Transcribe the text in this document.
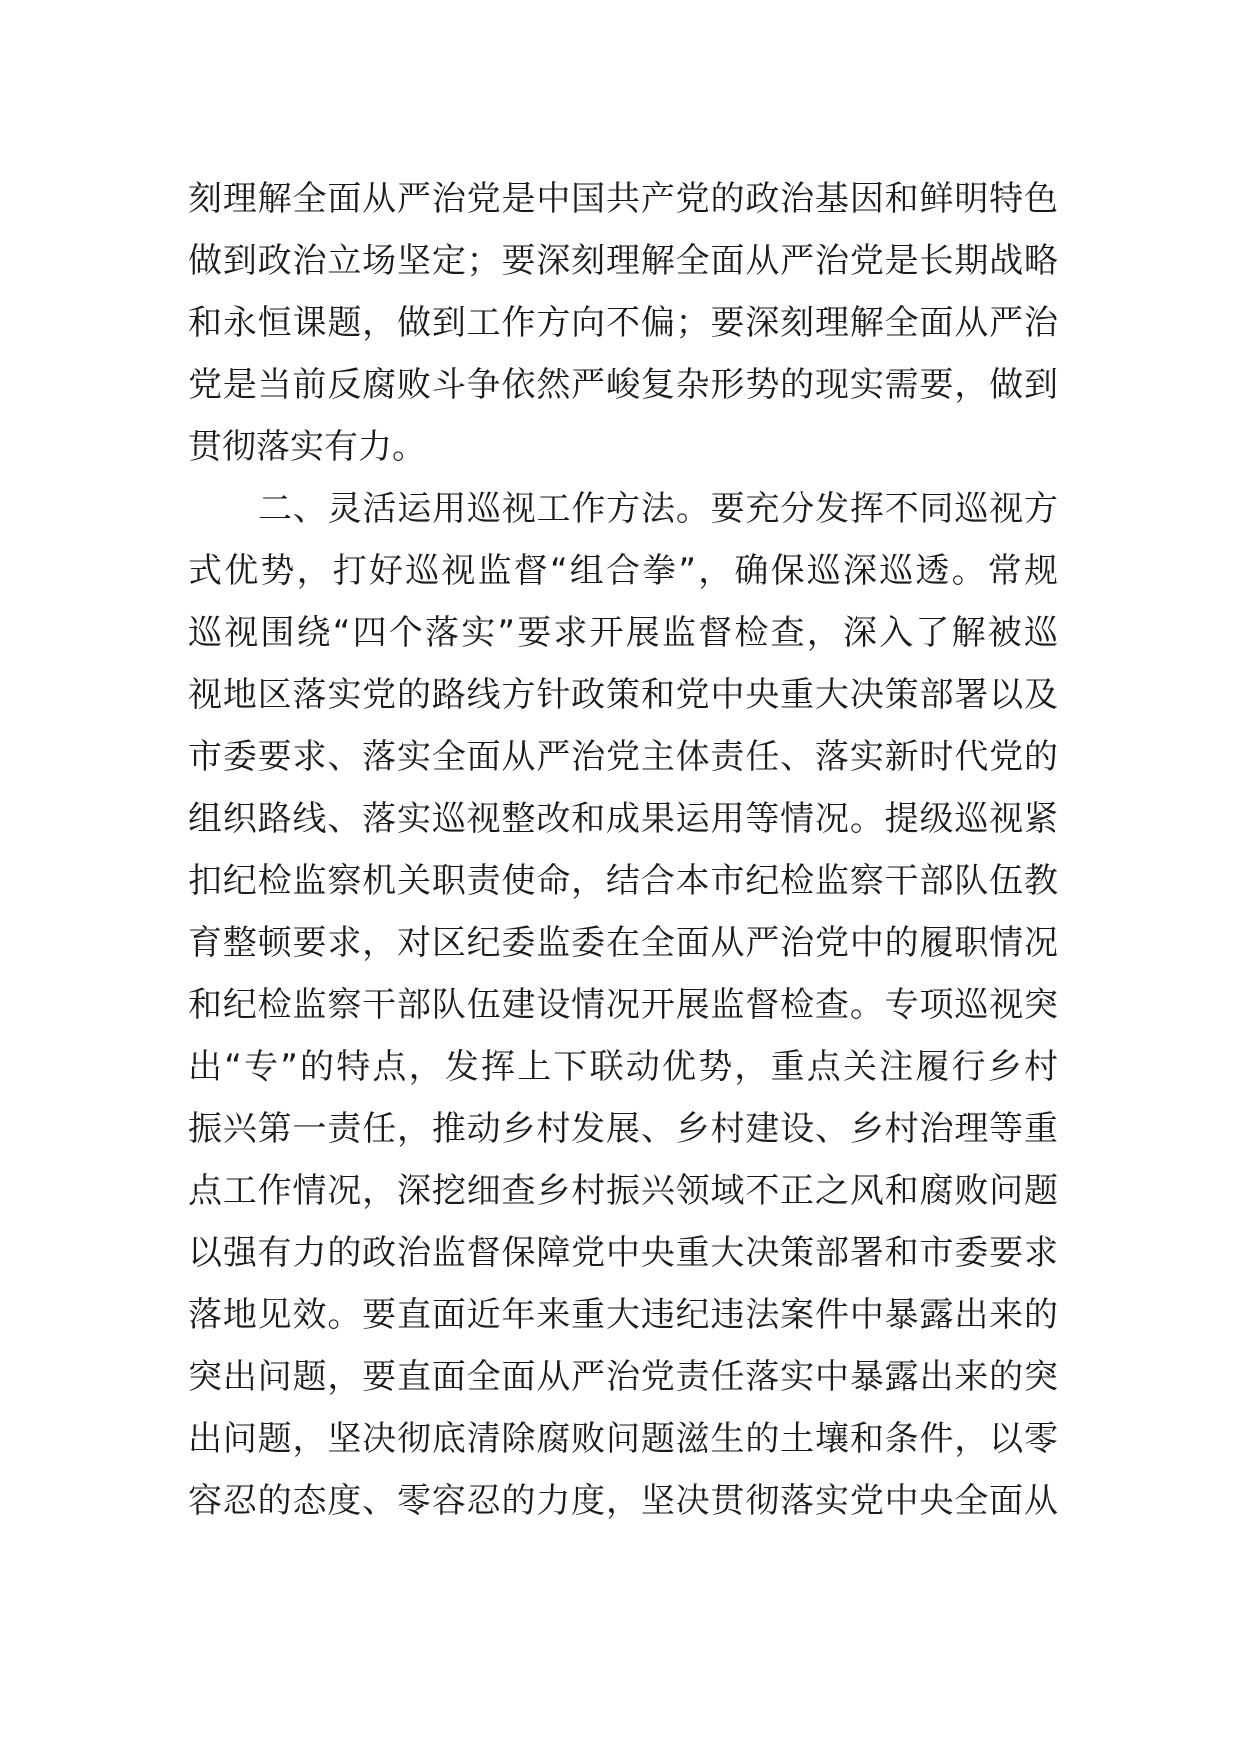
刻理解全面从严治党是中国共产党的政治基因和鲜明特色
做到政治立场坚定；要深刻理解全面从严治党是长期战略
和永恒课题，做到工作方向不偏；要深刻理解全面从严治
党是当前反腐败斗争依然严峻复杂形势的现实需要，做到
贯彻落实有力。
二、灵活运用巡视工作方法。要充分发挥不同巡视方
式优势，打好巡视监督“组合拳”，确保巡深巡透。常规
巡视围绕“四个落实”要求开展监督检查，深入了解被巡
视地区落实党的路线方针政策和党中央重大决策部署以及
市委要求、落实全面从严治党主体责任、落实新时代党的
组织路线、落实巡视整改和成果运用等情况。提级巡视紧
扣纪检监察机关职责使命，结合本市纪检监察干部队伍教
育整顿要求，对区纪委监委在全面从严治党中的履职情况
和纪检监察干部队伍建设情况开展监督检查。专项巡视突
出“专”的特点，发挥上下联动优势，重点关注履行乡村
振兴第一责任，推动乡村发展、乡村建设、乡村治理等重
点工作情况，深挖细查乡村振兴领域不正之风和腐败问题
以强有力的政治监督保障党中央重大决策部署和市委要求
落地见效。要直面近年来重大违纪违法案件中暴露出来的
突出问题，要直面全面从严治党责任落实中暴露出来的突
出问题，坚决彻底清除腐败问题滋生的土壤和条件，以零
容忍的态度、零容忍的力度，坚决贯彻落实党中央全面从
